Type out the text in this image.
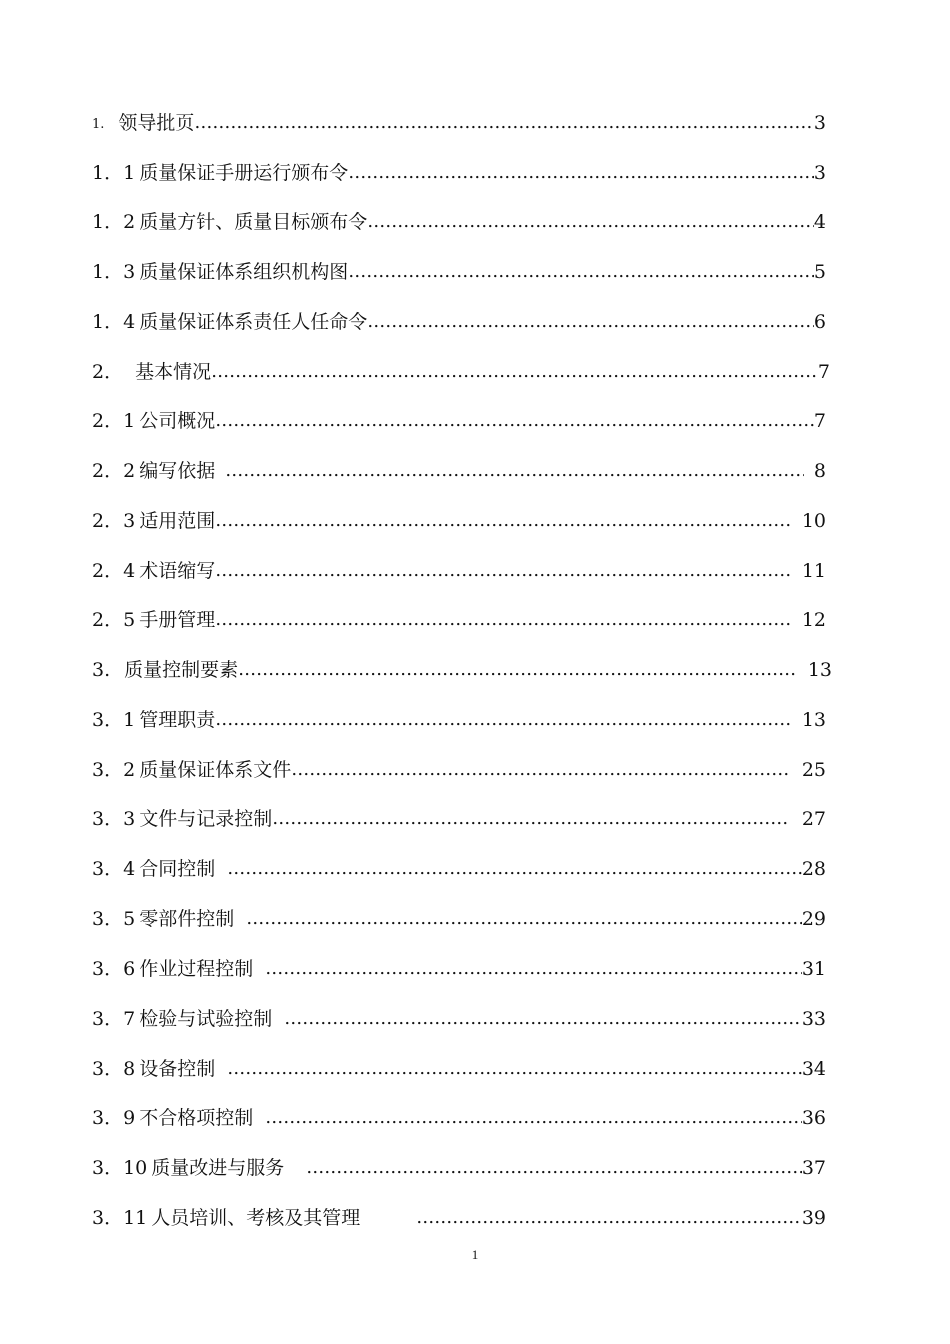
1. 领导批页 …………………………………………………………………………………………………………………………………………………………	3
1．1 质量保证手册运行颁布令 …………………………………………………………………………………………………………………………………………………………	3
1．2 质量方针、质量目标颁布令 …………………………………………………………………………………………………………………………………………………………	4
1．3 质量保证体系组织机构图 …………………………………………………………………………………………………………………………………………………………	5
1．4 质量保证体系责任人任命令 …………………………………………………………………………………………………………………………………………………………	6
2． 基本情况 …………………………………………………………………………………………………………………………………………………………	7
2．1 公司概况 …………………………………………………………………………………………………………………………………………………………	7
2．2 编写依据 …………………………………………………………………………………………………………………………………………………………	8
2．3 适用范围 …………………………………………………………………………………………………………………………………………………………	10
2．4 术语缩写 …………………………………………………………………………………………………………………………………………………………	11
2．5 手册管理 …………………………………………………………………………………………………………………………………………………………	12
3. 质量控制要素 …………………………………………………………………………………………………………………………………………………………	13
3．1 管理职责 …………………………………………………………………………………………………………………………………………………………	13
3．2 质量保证体系文件 …………………………………………………………………………………………………………………………………………………………	25
3．3 文件与记录控制 …………………………………………………………………………………………………………………………………………………………	27
3．4 合同控制 …………………………………………………………………………………………………………………………………………………………	28
3．5 零部件控制 …………………………………………………………………………………………………………………………………………………………	29
3．6 作业过程控制 …………………………………………………………………………………………………………………………………………………………	31
3．7 检验与试验控制 …………………………………………………………………………………………………………………………………………………………	33
3．8 设备控制 …………………………………………………………………………………………………………………………………………………………	34
3．9 不合格项控制 …………………………………………………………………………………………………………………………………………………………	36
3．10 质量改进与服务 …………………………………………………………………………………………………………………………………………………………	37
3．11 人员培训、考核及其管理 …………………………………………………………………………………………………………………………………………………………	39
1
